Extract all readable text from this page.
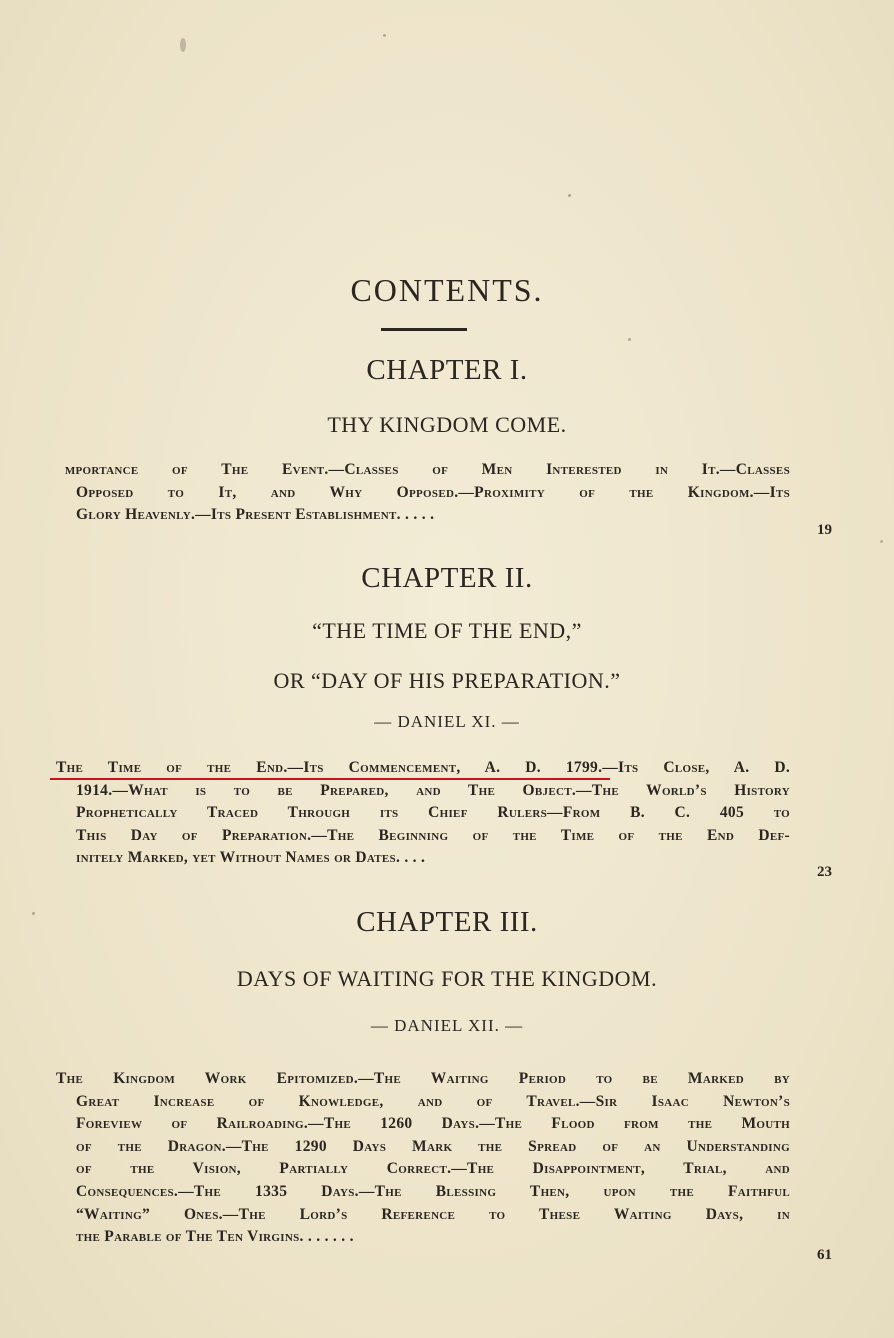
CONTENTS.
CHAPTER I.
THY KINGDOM COME.
ɪmportance of The Event.—Classes of Men Interested in It.—Classes
Opposed to It, and Why Opposed.—Proximity of the Kingdom.—Its
Glory Heavenly.—Its Present Establishment. . . . .
19
CHAPTER II.
“THE TIME OF THE END,”
OR “DAY OF HIS PREPARATION.”
— DANIEL XI. —
The Time of the End.—Its Commencement, A. D. 1799.—Its Close, A. D.
1914.—What is to be Prepared, and The Object.—The World’s History
Prophetically Traced Through its Chief Rulers—From B. C. 405 to
This Day of Preparation.—The Beginning of the Time of the End Def-
initely Marked, yet Without Names or Dates. . . .
23
CHAPTER III.
DAYS OF WAITING FOR THE KINGDOM.
— DANIEL XII. —
The Kingdom Work Epitomized.—The Waiting Period to be Marked by
Great Increase of Knowledge, and of Travel.—Sir Isaac Newton’s
Foreview of Railroading.—The 1260 Days.—The Flood from the Mouth
of the Dragon.—The 1290 Days Mark the Spread of an Understanding
of the Vision, Partially Correct.—The Disappointment, Trial, and
Consequences.—The 1335 Days.—The Blessing Then, upon the Faithful
“Waiting” Ones.—The Lord’s Reference to These Waiting Days, in
the Parable of The Ten Virgins. . . . . . .
61
